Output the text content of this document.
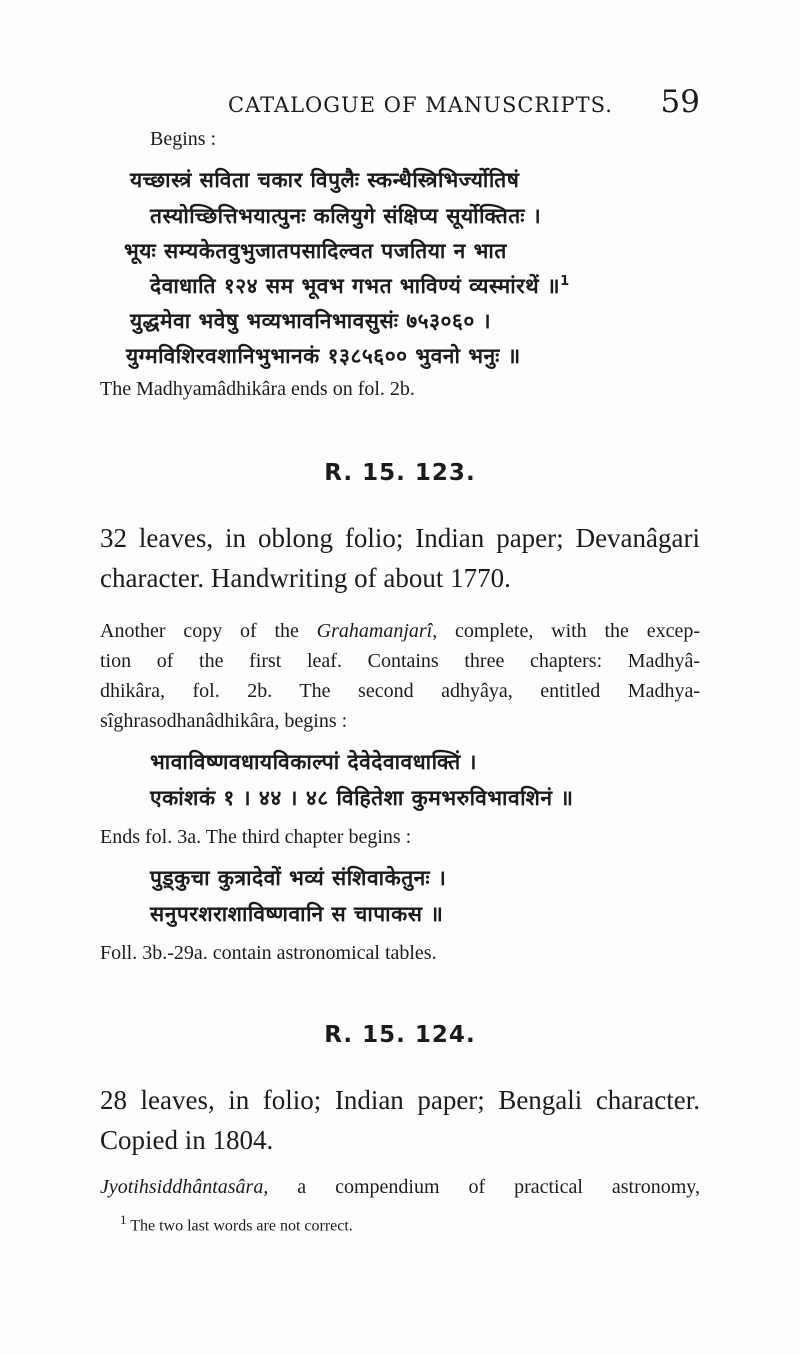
CATALOGUE OF MANUSCRIPTS. 59
Begins :
यच्छास्त्रं सविता चकार विपुलैः स्कन्धैस्त्रिभिर्ज्योतिषं
तस्योच्छित्तिभयात्पुनः कलियुगे संक्षिप्य सूर्योक्तितः ।
भूयः सम्यकेतवुभुजातपसादिल्वत पजतिया न भात
देवाधाति १२४ सम भूवभ गभत भाविण्यं व्यस्मांरथें ॥$^1$
युद्धमेवा भवेषु भव्यभावनिभावसुसंः ७५३०६० ।
युग्मविशिरवशानिभुभानकं १३८५६०० भुवनो भनुः ॥
The Madhyamâdhikâra ends on fol. 2b.
R. 15. 123.
32 leaves, in oblong folio; Indian paper; Devanâgari
character. Handwriting of about 1770.
Another copy of the Grahamanjarî, complete, with the excep-
tion of the first leaf. Contains three chapters: Madhyâ-
dhikâra, fol. 2b. The second adhyâya, entitled Madhya-
sîghrasodhanâdhikâra, begins :
भावाविष्णवधायविकाल्पां देवेदेवावधाक्तिं ।
एकांशकं १ । ४४ । ४८ विहितेशा कुमभरुविभावशिनं ॥
Ends fol. 3a. The third chapter begins :
पुड़्कुचा कुत्रादेवों भव्यं संशिवाकेतुनः ।
सनुपरशराशाविष्णवानि स चापाकस ॥
Foll. 3b.-29a. contain astronomical tables.
R. 15. 124.
28 leaves, in folio; Indian paper; Bengali character.
Copied in 1804.
Jyotihsiddhântasâra, a compendium of practical astronomy,
$^1$ The two last words are not correct.
